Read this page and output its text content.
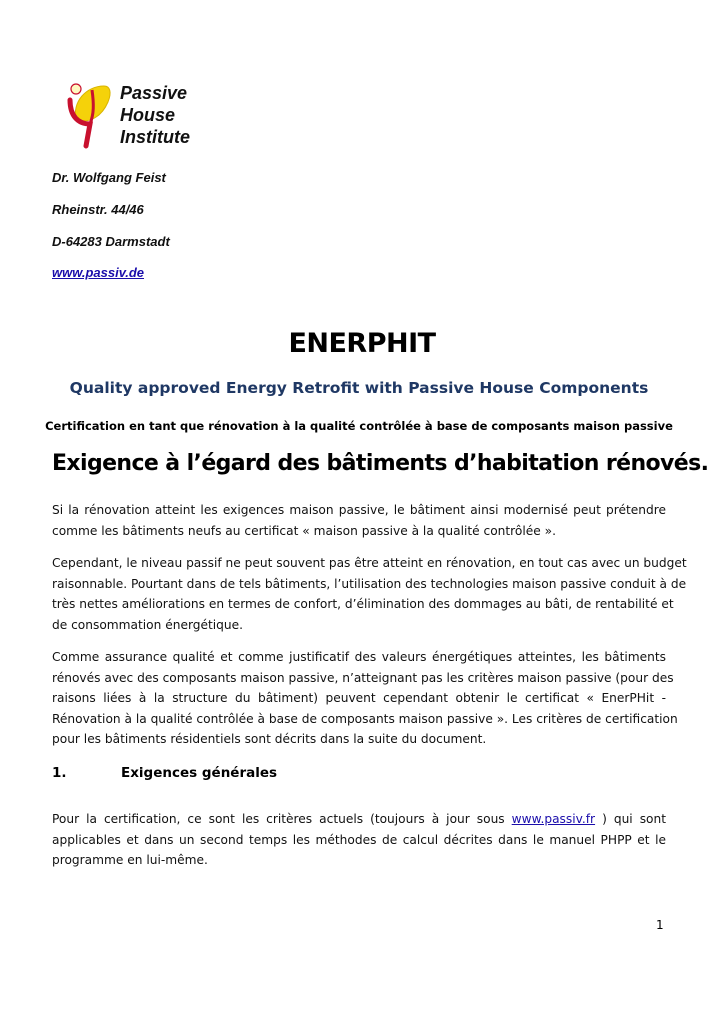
Passive
House
Institute
Dr. Wolfgang Feist
Rheinstr. 44/46
D-64283 Darmstadt
www.passiv.de
ENERPHIT
Quality approved Energy Retrofit with Passive House Components
Certification en tant que rénovation à la qualité contrôlée à base de composants maison passive
Exigence à l’égard des bâtiments d’habitation rénovés.
Si la rénovation atteint les exigences maison passive, le bâtiment ainsi modernisé peut prétendre
comme les bâtiments neufs au certificat « maison passive à la qualité contrôlée ».
Cependant, le niveau passif ne peut souvent pas être atteint en rénovation, en tout cas avec un budget
raisonnable. Pourtant dans de tels bâtiments, l’utilisation des technologies maison passive conduit à de
très nettes améliorations en termes de confort, d’élimination des dommages au bâti, de rentabilité et
de consommation énergétique.
Comme assurance qualité et comme justificatif des valeurs énergétiques atteintes, les bâtiments
rénovés avec des composants maison passive, n’atteignant pas les critères maison passive (pour des
raisons liées à la structure du bâtiment) peuvent cependant obtenir le certificat « EnerPHit -
Rénovation à la qualité contrôlée à base de composants maison passive ». Les critères de certification
pour les bâtiments résidentiels sont décrits dans la suite du document.
1.	Exigences générales
Pour la certification, ce sont les critères actuels (toujours à jour sous www.passiv.fr ) qui sont
applicables et dans un second temps les méthodes de calcul décrites dans le manuel PHPP et le
programme en lui-même.
1
